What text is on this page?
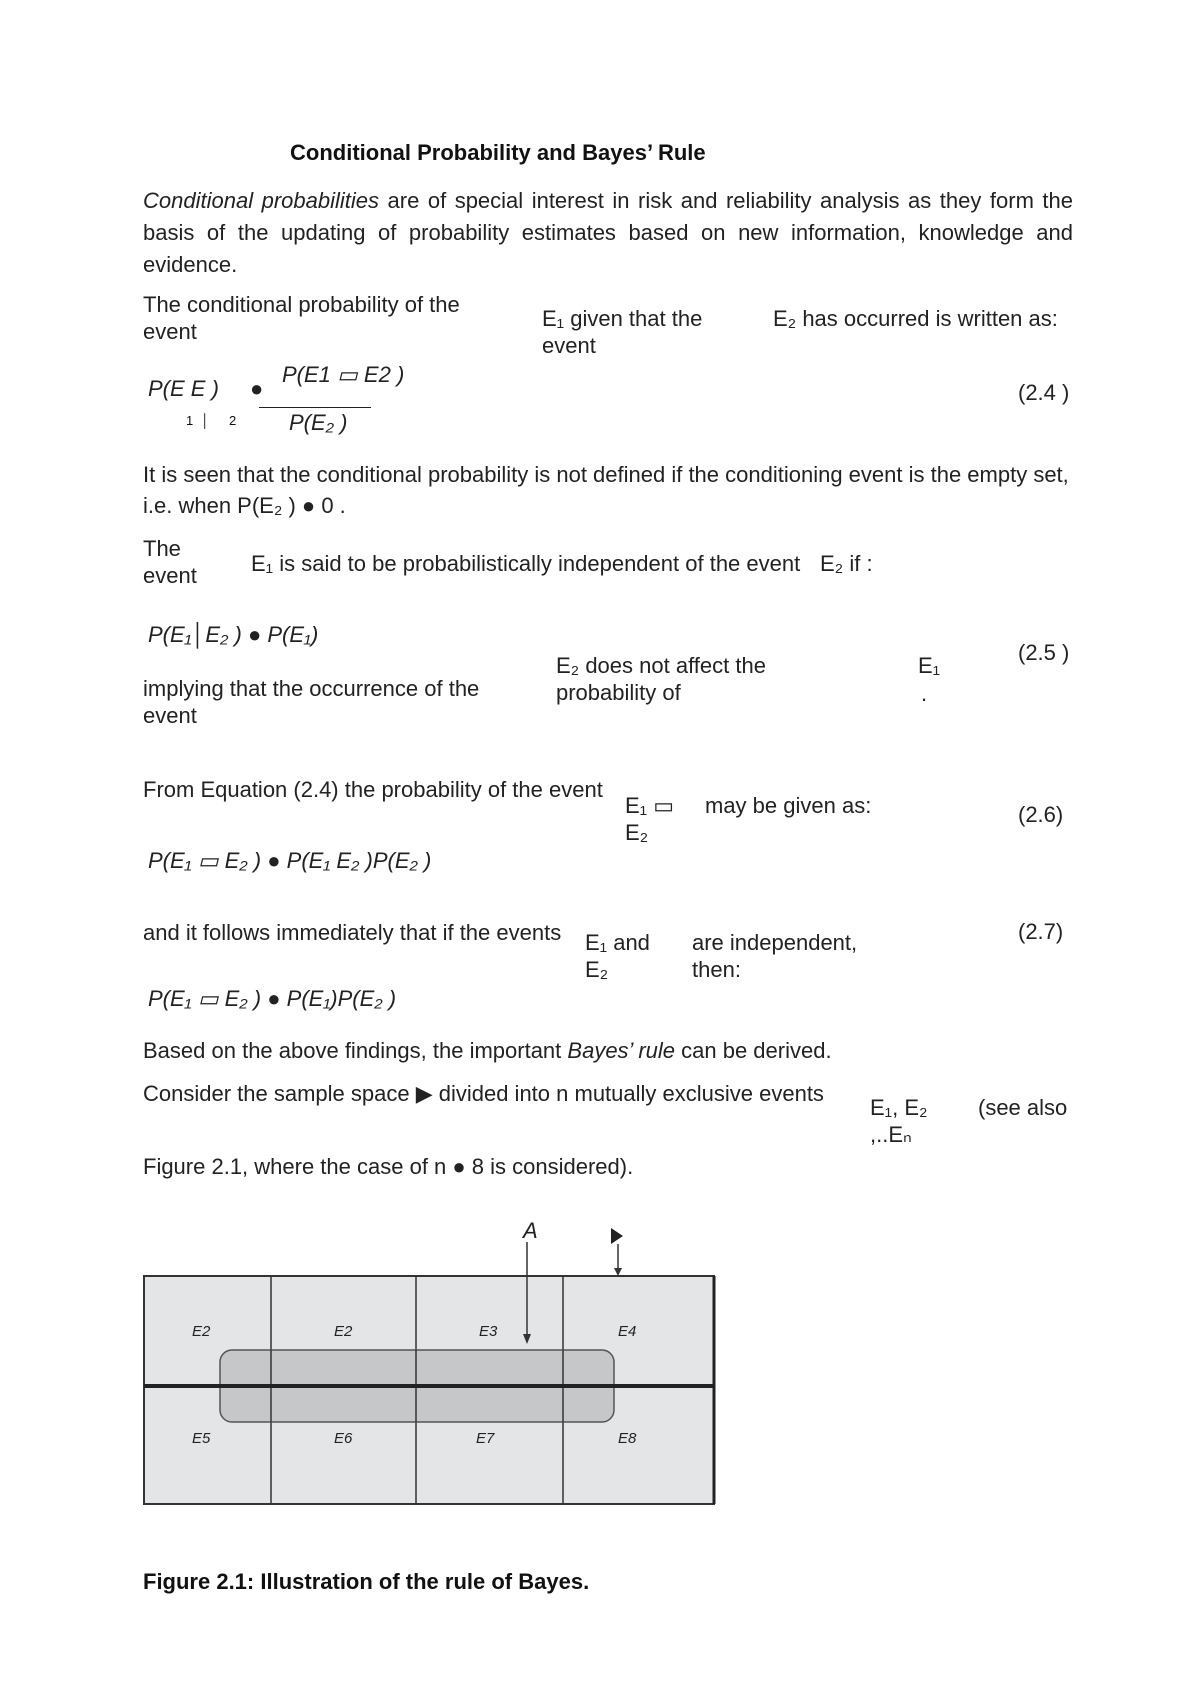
Conditional Probability and Bayes’ Rule
Conditional probabilities are of special interest in risk and reliability analysis as they form the basis of the updating of probability estimates based on new information, knowledge and evidence.
The conditional probability of the event
E₁ given that the event
E₂ has occurred is written as:
P(E E )
1│ 2
●
P(E1 ▭ E2 )
P(E₂ )
(2.4 )
It is seen that the conditional probability is not defined if the conditioning event is the empty set, i.e. when P(E₂ ) ● 0 .
The event	E₁ is said to be probabilistically independent of the event E₂ if :
P(E₁│E₂ ) ● P(E₁)
(2.5 )
implying that the occurrence of the event
E₂ does not affect the probability of
E₁
.
From Equation (2.4) the probability of the event
E₁ ▭ E₂
may be given as:	(2.6)
P(E₁ ▭ E₂ ) ● P(E₁ E₂ )P(E₂ )
and it follows immediately that if the events E₁ and E₂
are independent, then:
(2.7)
P(E₁ ▭ E₂ ) ● P(E₁)P(E₂ )
Based on the above findings, the important Bayes’ rule can be derived.
Consider the sample space ▶ divided into n mutually exclusive events
E₁, E₂ ,..Eₙ
(see also
Figure 2.1, where the case of n ● 8 is considered).
A
E2	E2	E3	E4
E5	E6	E7	E8
Figure 2.1: Illustration of the rule of Bayes.
